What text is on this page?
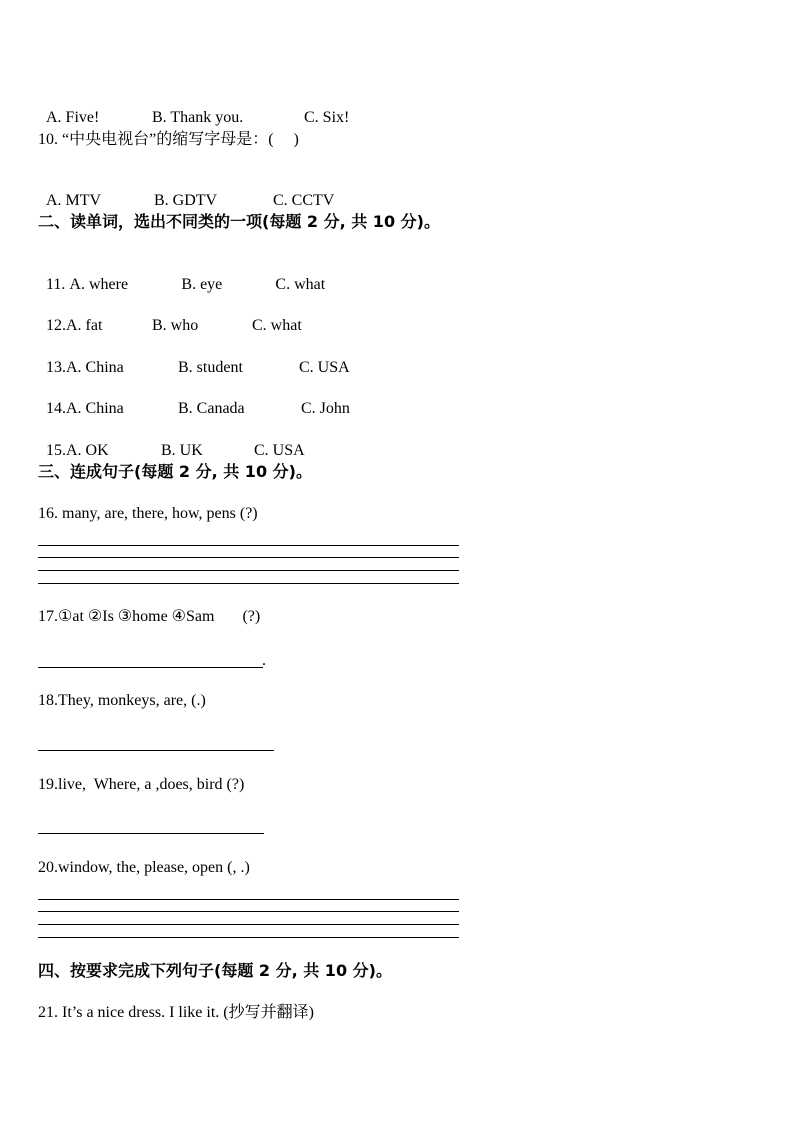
A. Five!	B. Thank you.	C. Six!

10. “中央电视台”的缩写字母是：(     )

A. MTV	B. GDTV	C. CCTV

二、读单词，选出不同类的一项(每题 2 分, 共 10 分)。

11. A. where	B. eye	C. what

12.A. fat	B. who	C. what

13.A. China	B. student	C. USA

14.A. China	B. Canada	C. John

15.A. OK	B. UK	C. USA

三、连成句子(每题 2 分, 共 10 分)。
16. many, are, there, how, pens (?)
17.①at ②Is ③home ④Sam       (?)
.
18.They, monkeys, are, (.)
19.live,  Where, a ,does, bird (?)
20.window, the, please, open (, .)
四、按要求完成下列句子(每题 2 分, 共 10 分)。
21. It’s a nice dress. I like it. (抄写并翻译)
